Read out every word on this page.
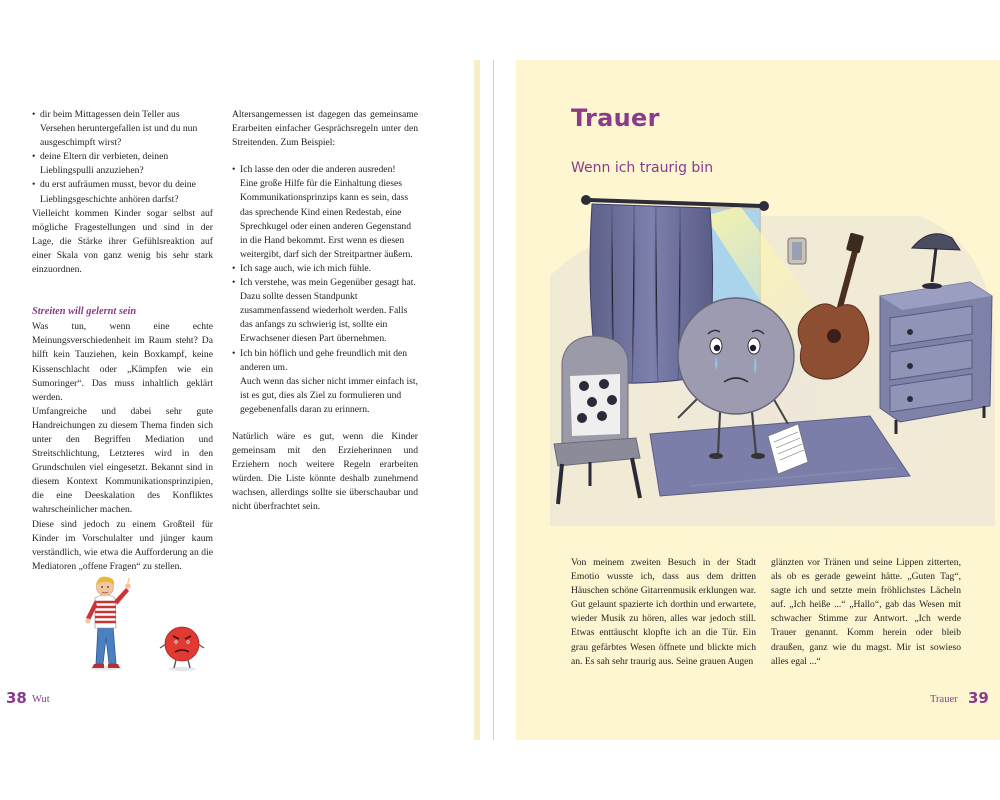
• dir beim Mittagessen dein Teller aus Versehen heruntergefallen ist und du nun ausgeschimpft wirst?
• deine Eltern dir verbieten, deinen Lieblingspulli anzuziehen?
• du erst aufräumen musst, bevor du deine Lieblingsgeschichte anhören darfst?

Vielleicht kommen Kinder sogar selbst auf mögliche Fragestellungen und sind in der Lage, die Stärke ihrer Gefühlsreaktion auf einer Skala von ganz wenig bis sehr stark einzuordnen.

Streiten will gelernt sein

Was tun, wenn eine echte Meinungsverschiedenheit im Raum steht? Da hilft kein Tauziehen, kein Boxkampf, keine Kissenschlacht oder „Kämpfen wie ein Sumoringer“. Das muss inhaltlich geklärt werden.

Umfangreiche und dabei sehr gute Handreichungen zu diesem Thema finden sich unter den Begriffen Mediation und Streitschlichtung, Letzteres wird in den Grundschulen viel eingesetzt. Bekannt sind in diesem Kontext Kommunikationsprinzipien, die eine Deeskalation des Konfliktes wahrscheinlicher machen.

Diese sind jedoch zu einem Großteil für Kinder im Vorschulalter und jünger kaum verständlich, wie etwa die Aufforderung an die Mediatoren „offene Fragen“ zu stellen.

Altersangemessen ist dagegen das gemeinsame Erarbeiten einfacher Gesprächsregeln unter den Streitenden. Zum Beispiel:

• Ich lasse den oder die anderen ausreden!

Eine große Hilfe für die Einhaltung dieses Kommunikationsprinzips kann es sein, dass das sprechende Kind einen Redestab, eine Sprechkugel oder einen anderen Gegenstand in die Hand bekommt. Erst wenn es diesen weitergibt, darf sich der Streitpartner äußern.

• Ich sage auch, wie ich mich fühle.

• Ich verstehe, was mein Gegenüber gesagt hat.

Dazu sollte dessen Standpunkt zusammenfassend wiederholt werden. Falls das anfangs zu schwierig ist, sollte ein Erwachsener diesen Part übernehmen.

• Ich bin höflich und gehe freundlich mit den anderen um.

Auch wenn das sicher nicht immer einfach ist, ist es gut, dies als Ziel zu formulieren und gegebenenfalls daran zu erinnern.

Natürlich wäre es gut, wenn die Kinder gemeinsam mit den Erzieherinnen und Erziehern noch weitere Regeln erarbeiten würden. Die Liste könnte deshalb zunehmend wachsen, allerdings sollte sie überschaubar und nicht überfrachtet sein.

38 Wut
Trauer
Wenn ich traurig bin

Von meinem zweiten Besuch in der Stadt Emotio wusste ich, dass aus dem dritten Häuschen schöne Gitarrenmusik erklungen war. Gut gelaunt spazierte ich dorthin und erwartete, wieder Musik zu hören, alles war jedoch still. Etwas enttäuscht klopfte ich an die Tür. Ein grau gefärbtes Wesen öffnete und blickte mich an. Es sah sehr traurig aus. Seine grauen Augen

glänzten vor Tränen und seine Lippen zitterten, als ob es gerade geweint hätte. „Guten Tag“, sagte ich und setzte mein fröhlichstes Lächeln auf. „Ich heiße ...“ „Hallo“, gab das Wesen mit schwacher Stimme zur Antwort. „Ich werde Trauer genannt. Komm herein oder bleib draußen, ganz wie du magst. Mir ist sowieso alles egal ...“

Trauer 39
